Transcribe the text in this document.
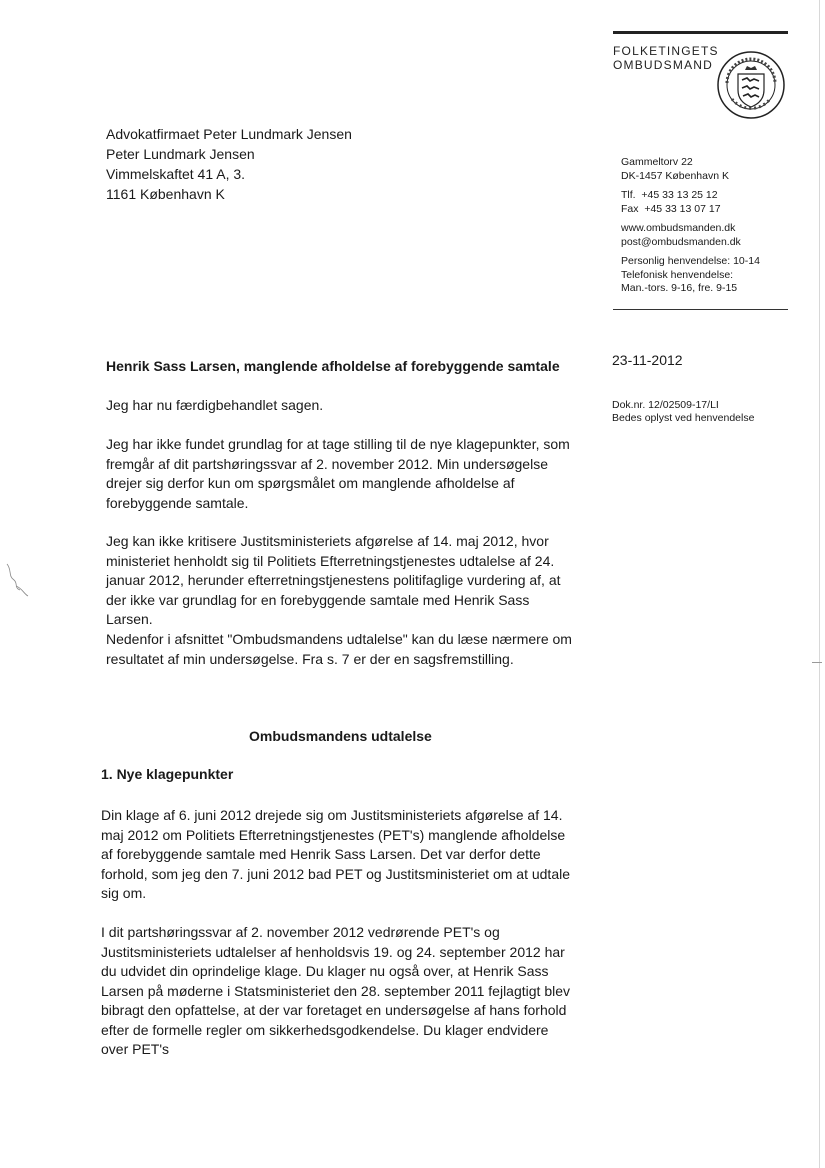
FOLKETINGETS
OMBUDSMAND
Advokatfirmaet Peter Lundmark Jensen
Peter Lundmark Jensen
Vimmelskaftet 41 A, 3.
1161 København K
Gammeltorv 22
DK-1457 København K
Tlf.  +45 33 13 25 12
Fax  +45 33 13 07 17
www.ombudsmanden.dk
post@ombudsmanden.dk
Personlig henvendelse: 10-14
Telefonisk henvendelse:
Man.-tors. 9-16, fre. 9-15
23-11-2012
Dok.nr. 12/02509-17/LI
Bedes oplyst ved henvendelse
Henrik Sass Larsen, manglende afholdelse af forebyggende samtale
Jeg har nu færdigbehandlet sagen.
Jeg har ikke fundet grundlag for at tage stilling til de nye klagepunkter, som fremgår af dit partshøringssvar af 2. november 2012. Min undersøgelse drejer sig derfor kun om spørgsmålet om manglende afholdelse af forebyggende samtale.
Jeg kan ikke kritisere Justitsministeriets afgørelse af 14. maj 2012, hvor ministeriet henholdt sig til Politiets Efterretningstjenestes udtalelse af 24. januar 2012, herunder efterretningstjenestens politifaglige vurdering af, at der ikke var grundlag for en forebyggende samtale med Henrik Sass Larsen.
Nedenfor i afsnittet "Ombudsmandens udtalelse" kan du læse nærmere om resultatet af min undersøgelse. Fra s. 7 er der en sagsfremstilling.
Ombudsmandens udtalelse
1. Nye klagepunkter
Din klage af 6. juni 2012 drejede sig om Justitsministeriets afgørelse af 14. maj 2012 om Politiets Efterretningstjenestes (PET's) manglende afholdelse af forebyggende samtale med Henrik Sass Larsen. Det var derfor dette forhold, som jeg den 7. juni 2012 bad PET og Justitsministeriet om at udtale sig om.
I dit partshøringssvar af 2. november 2012 vedrørende PET's og Justitsministeriets udtalelser af henholdsvis 19. og 24. september 2012 har du udvidet din oprindelige klage. Du klager nu også over, at Henrik Sass Larsen på møderne i Statsministeriet den 28. september 2011 fejlagtigt blev bibragt den opfattelse, at der var foretaget en undersøgelse af hans forhold efter de formelle regler om sikkerhedsgodkendelse. Du klager endvidere over PET's
